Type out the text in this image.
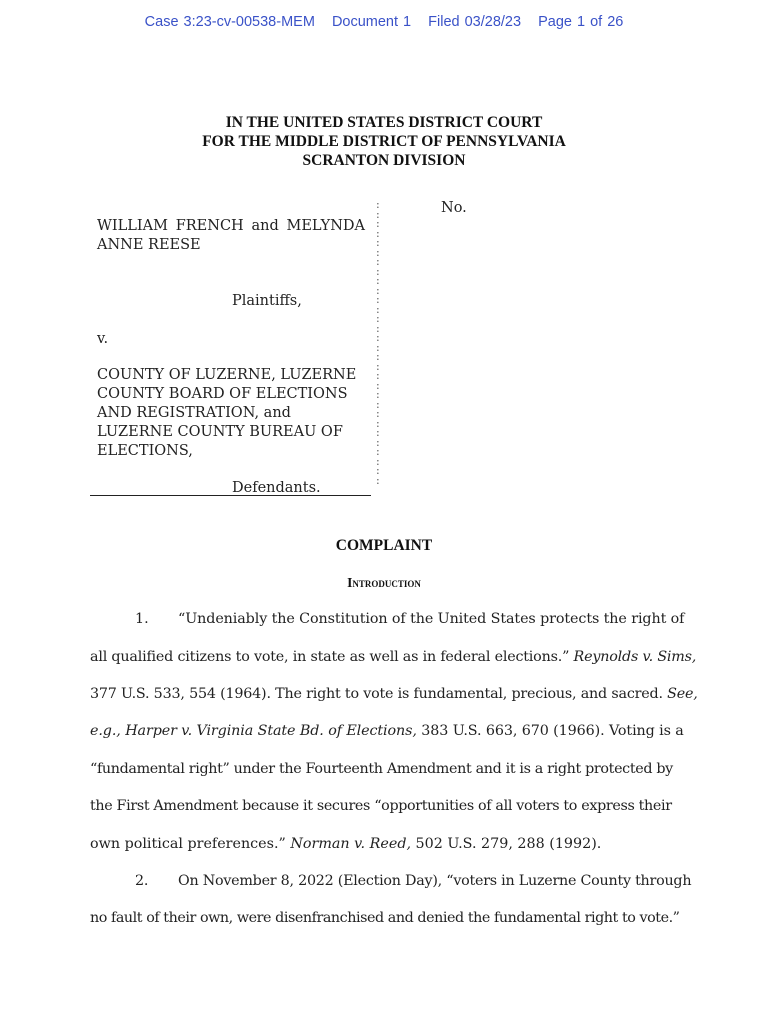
Case 3:23-cv-00538-MEM Document 1 Filed 03/28/23 Page 1 of 26
IN THE UNITED STATES DISTRICT COURT
FOR THE MIDDLE DISTRICT OF PENNSYLVANIA
SCRANTON DIVISION
WILLIAM FRENCH and MELYNDA
ANNE REESE
Plaintiffs,
v.
COUNTY OF LUZERNE, LUZERNE
COUNTY BOARD OF ELECTIONS
AND REGISTRATION, and
LUZERNE COUNTY BUREAU OF
ELECTIONS,
Defendants.
:
:
:
:
:
:
:
:
:
:
:
:
:
:
:
:
:
:
:
:
:
:
:
:
:
:
:
:
:
:
No.
COMPLAINT
Introduction
1. “Undeniably the Constitution of the United States protects the right of
all qualified citizens to vote, in state as well as in federal elections.” Reynolds v. Sims,
377 U.S. 533, 554 (1964). The right to vote is fundamental, precious, and sacred. See,
e.g., Harper v. Virginia State Bd. of Elections, 383 U.S. 663, 670 (1966). Voting is a
“fundamental right” under the Fourteenth Amendment and it is a right protected by
the First Amendment because it secures “opportunities of all voters to express their
own political preferences.” Norman v. Reed, 502 U.S. 279, 288 (1992).
2. On November 8, 2022 (Election Day), “voters in Luzerne County through
no fault of their own, were disenfranchised and denied the fundamental right to vote.”
